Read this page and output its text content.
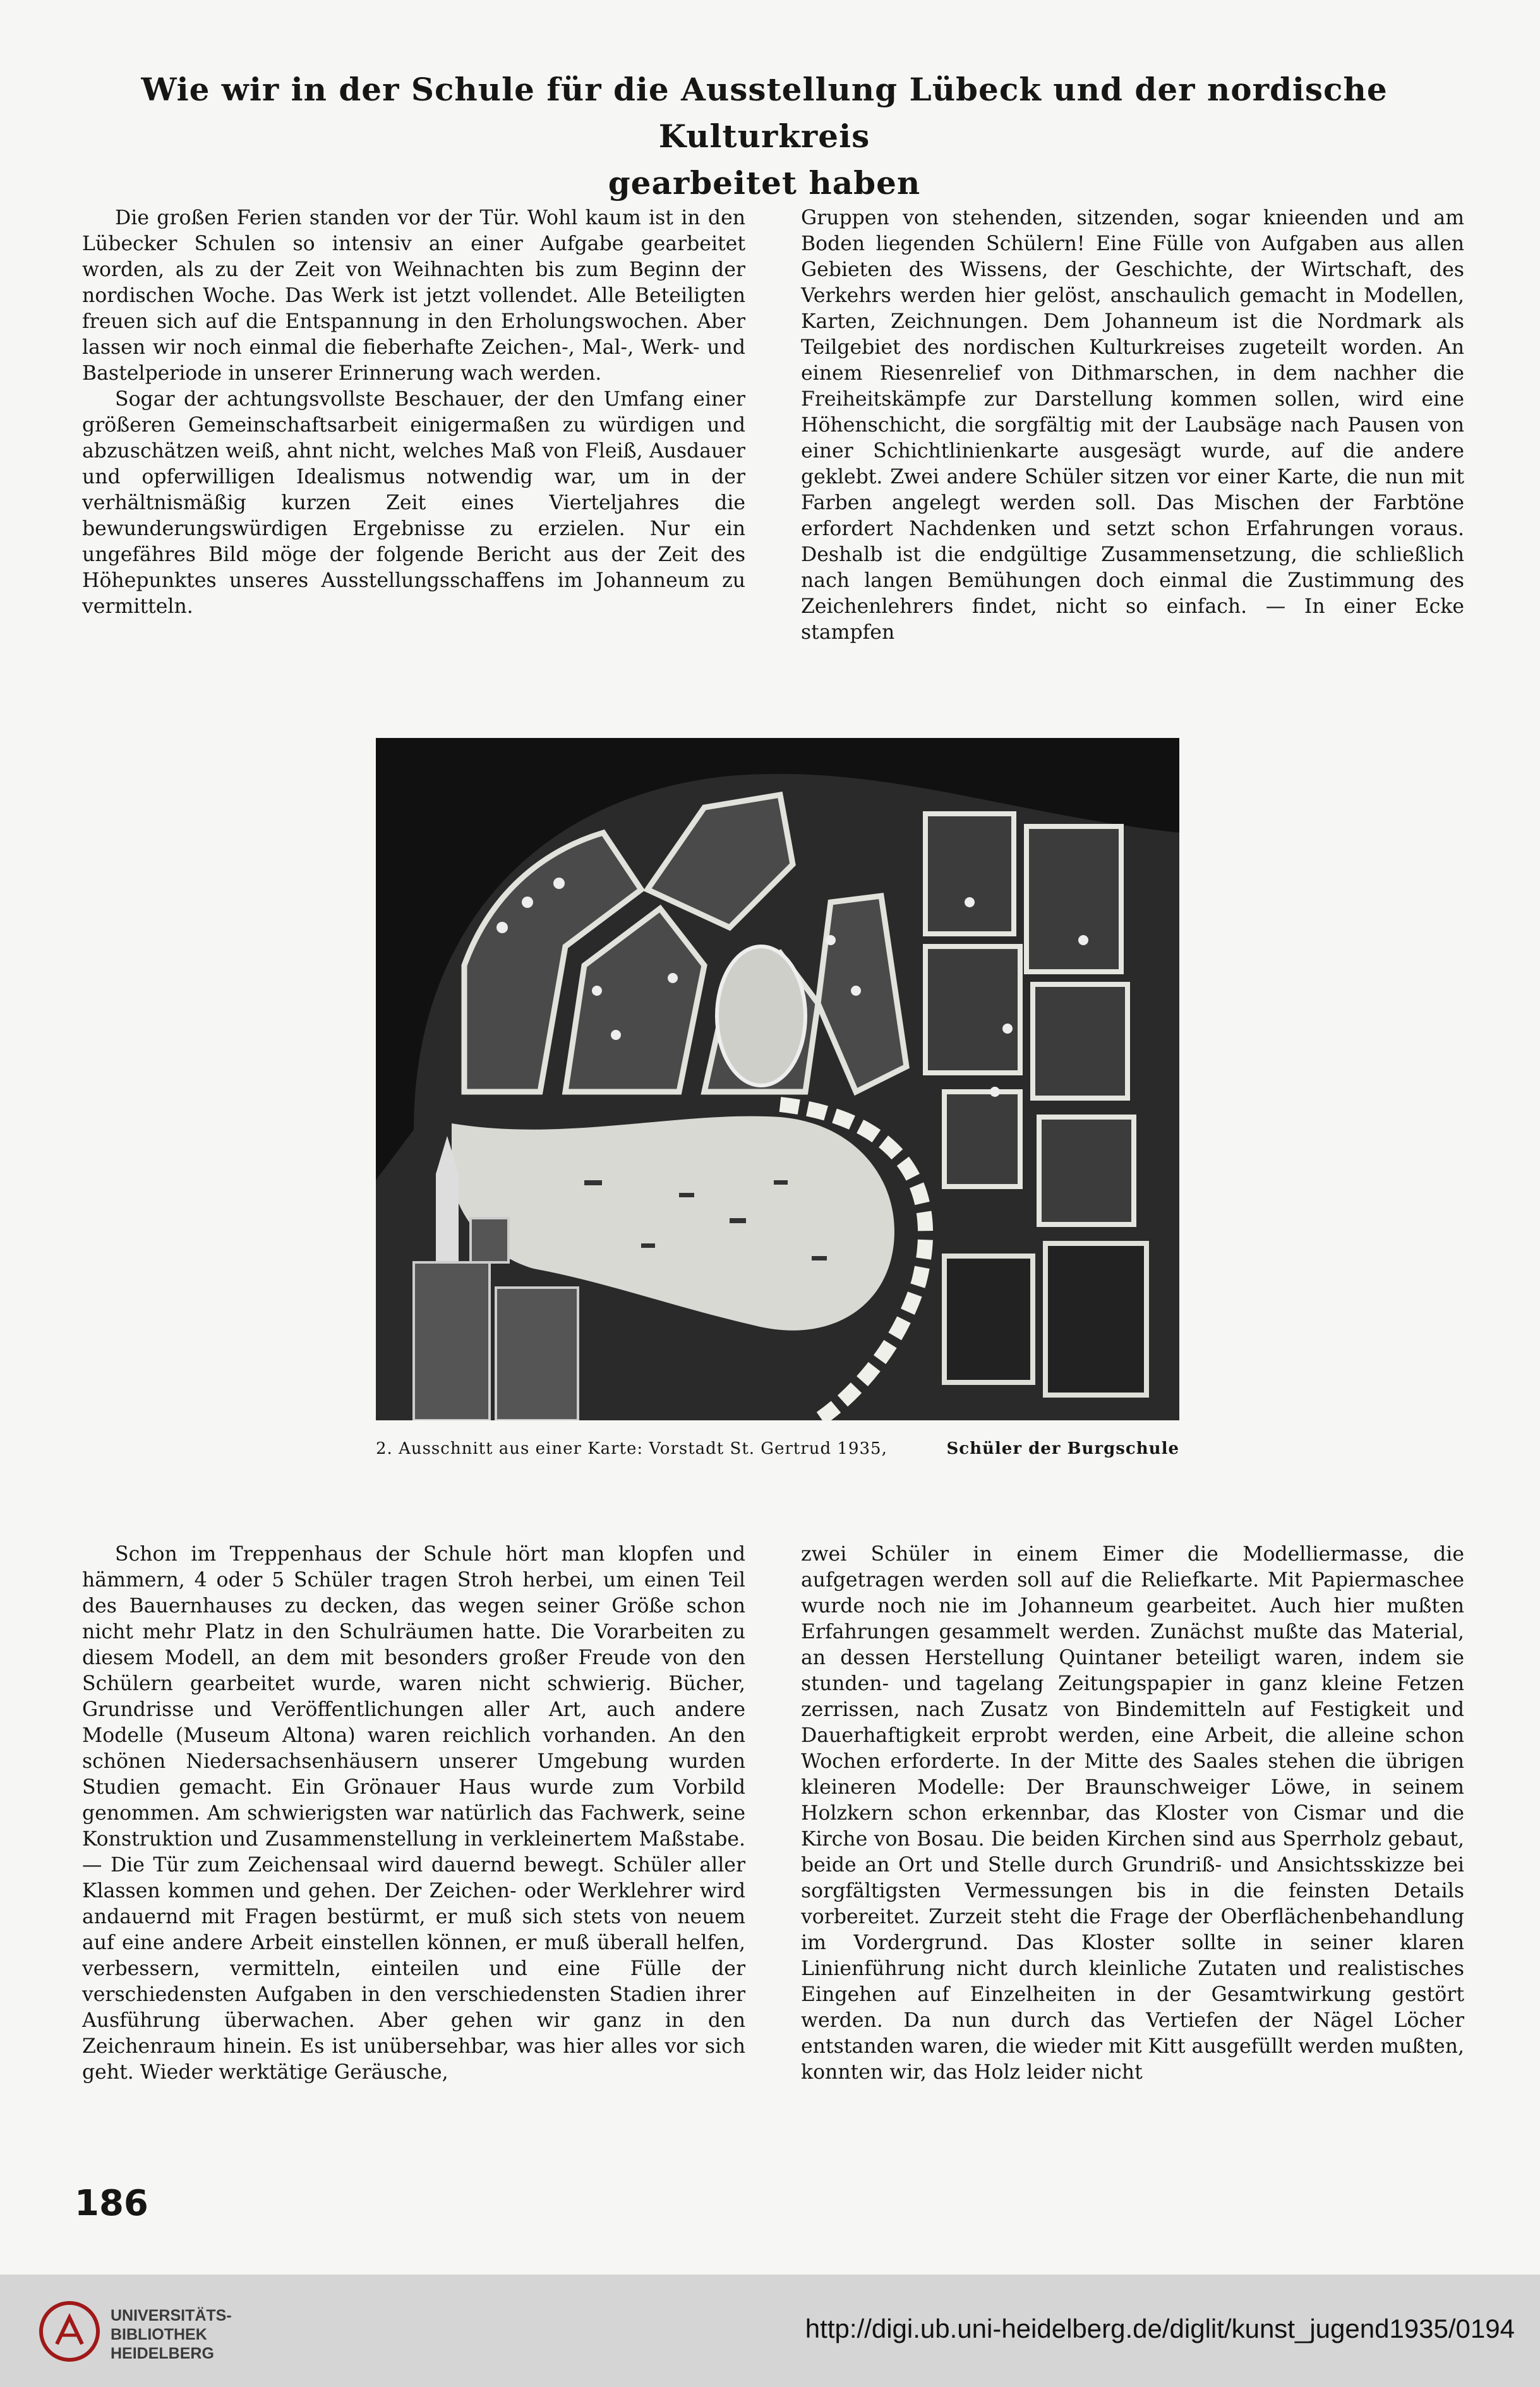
Wie wir in der Schule für die Ausstellung Lübeck und der nordische Kulturkreis
gearbeitet haben

Die großen Ferien standen vor der Tür. Wohl kaum ist in den Lübecker Schulen so intensiv an einer Aufgabe gearbeitet worden, als zu der Zeit von Weihnachten bis zum Beginn der nordischen Woche. Das Werk ist jetzt vollendet. Alle Beteiligten freuen sich auf die Entspannung in den Erholungswochen. Aber lassen wir noch einmal die fieberhafte Zeichen-, Mal-, Werk- und Bastelperiode in unserer Erinnerung wach werden.

Sogar der achtungsvollste Beschauer, der den Umfang einer größeren Gemeinschaftsarbeit einigermaßen zu würdigen und abzuschätzen weiß, ahnt nicht, welches Maß von Fleiß, Ausdauer und opferwilligen Idealismus notwendig war, um in der verhältnismäßig kurzen Zeit eines Vierteljahres die bewunderungswürdigen Ergebnisse zu erzielen. Nur ein ungefähres Bild möge der folgende Bericht aus der Zeit des Höhepunktes unseres Ausstellungsschaffens im Johanneum zu vermitteln.

Gruppen von stehenden, sitzenden, sogar knieenden und am Boden liegenden Schülern! Eine Fülle von Aufgaben aus allen Gebieten des Wissens, der Geschichte, der Wirtschaft, des Verkehrs werden hier gelöst, anschaulich gemacht in Modellen, Karten, Zeichnungen. Dem Johanneum ist die Nordmark als Teilgebiet des nordischen Kulturkreises zugeteilt worden. An einem Riesenrelief von Dithmarschen, in dem nachher die Freiheitskämpfe zur Darstellung kommen sollen, wird eine Höhenschicht, die sorgfältig mit der Laubsäge nach Pausen von einer Schichtlinienkarte ausgesägt wurde, auf die andere geklebt. Zwei andere Schüler sitzen vor einer Karte, die nun mit Farben angelegt werden soll. Das Mischen der Farbtöne erfordert Nachdenken und setzt schon Erfahrungen voraus. Deshalb ist die endgültige Zusammensetzung, die schließlich nach langen Bemühungen doch einmal die Zustimmung des Zeichenlehrers findet, nicht so einfach. — In einer Ecke stampfen

2. Ausschnitt aus einer Karte: Vorstadt St. Gertrud 1935,	Schüler der Burgschule

Schon im Treppenhaus der Schule hört man klopfen und hämmern, 4 oder 5 Schüler tragen Stroh herbei, um einen Teil des Bauernhauses zu decken, das wegen seiner Größe schon nicht mehr Platz in den Schulräumen hatte. Die Vorarbeiten zu diesem Modell, an dem mit besonders großer Freude von den Schülern gearbeitet wurde, waren nicht schwierig. Bücher, Grundrisse und Veröffentlichungen aller Art, auch andere Modelle (Museum Altona) waren reichlich vorhanden. An den schönen Niedersachsenhäusern unserer Umgebung wurden Studien gemacht. Ein Grönauer Haus wurde zum Vorbild genommen. Am schwierigsten war natürlich das Fachwerk, seine Konstruktion und Zusammenstellung in verkleinertem Maßstabe. — Die Tür zum Zeichensaal wird dauernd bewegt. Schüler aller Klassen kommen und gehen. Der Zeichen- oder Werklehrer wird andauernd mit Fragen bestürmt, er muß sich stets von neuem auf eine andere Arbeit einstellen können, er muß überall helfen, verbessern, vermitteln, einteilen und eine Fülle der verschiedensten Aufgaben in den verschiedensten Stadien ihrer Ausführung überwachen. Aber gehen wir ganz in den Zeichenraum hinein. Es ist unübersehbar, was hier alles vor sich geht. Wieder werktätige Geräusche,

zwei Schüler in einem Eimer die Modelliermasse, die aufgetragen werden soll auf die Reliefkarte. Mit Papiermaschee wurde noch nie im Johanneum gearbeitet. Auch hier mußten Erfahrungen gesammelt werden. Zunächst mußte das Material, an dessen Herstellung Quintaner beteiligt waren, indem sie stunden- und tagelang Zeitungspapier in ganz kleine Fetzen zerrissen, nach Zusatz von Bindemitteln auf Festigkeit und Dauerhaftigkeit erprobt werden, eine Arbeit, die alleine schon Wochen erforderte. In der Mitte des Saales stehen die übrigen kleineren Modelle: Der Braunschweiger Löwe, in seinem Holzkern schon erkennbar, das Kloster von Cismar und die Kirche von Bosau. Die beiden Kirchen sind aus Sperrholz gebaut, beide an Ort und Stelle durch Grundriß- und Ansichtsskizze bei sorgfältigsten Vermessungen bis in die feinsten Details vorbereitet. Zurzeit steht die Frage der Oberflächenbehandlung im Vordergrund. Das Kloster sollte in seiner klaren Linienführung nicht durch kleinliche Zutaten und realistisches Eingehen auf Einzelheiten in der Gesamtwirkung gestört werden. Da nun durch das Vertiefen der Nägel Löcher entstanden waren, die wieder mit Kitt ausgefüllt werden mußten, konnten wir, das Holz leider nicht

186
UNIVERSITÄTS-
BIBLIOTHEK
HEIDELBERG
http://digi.ub.uni-heidelberg.de/diglit/kunst_jugend1935/0194
